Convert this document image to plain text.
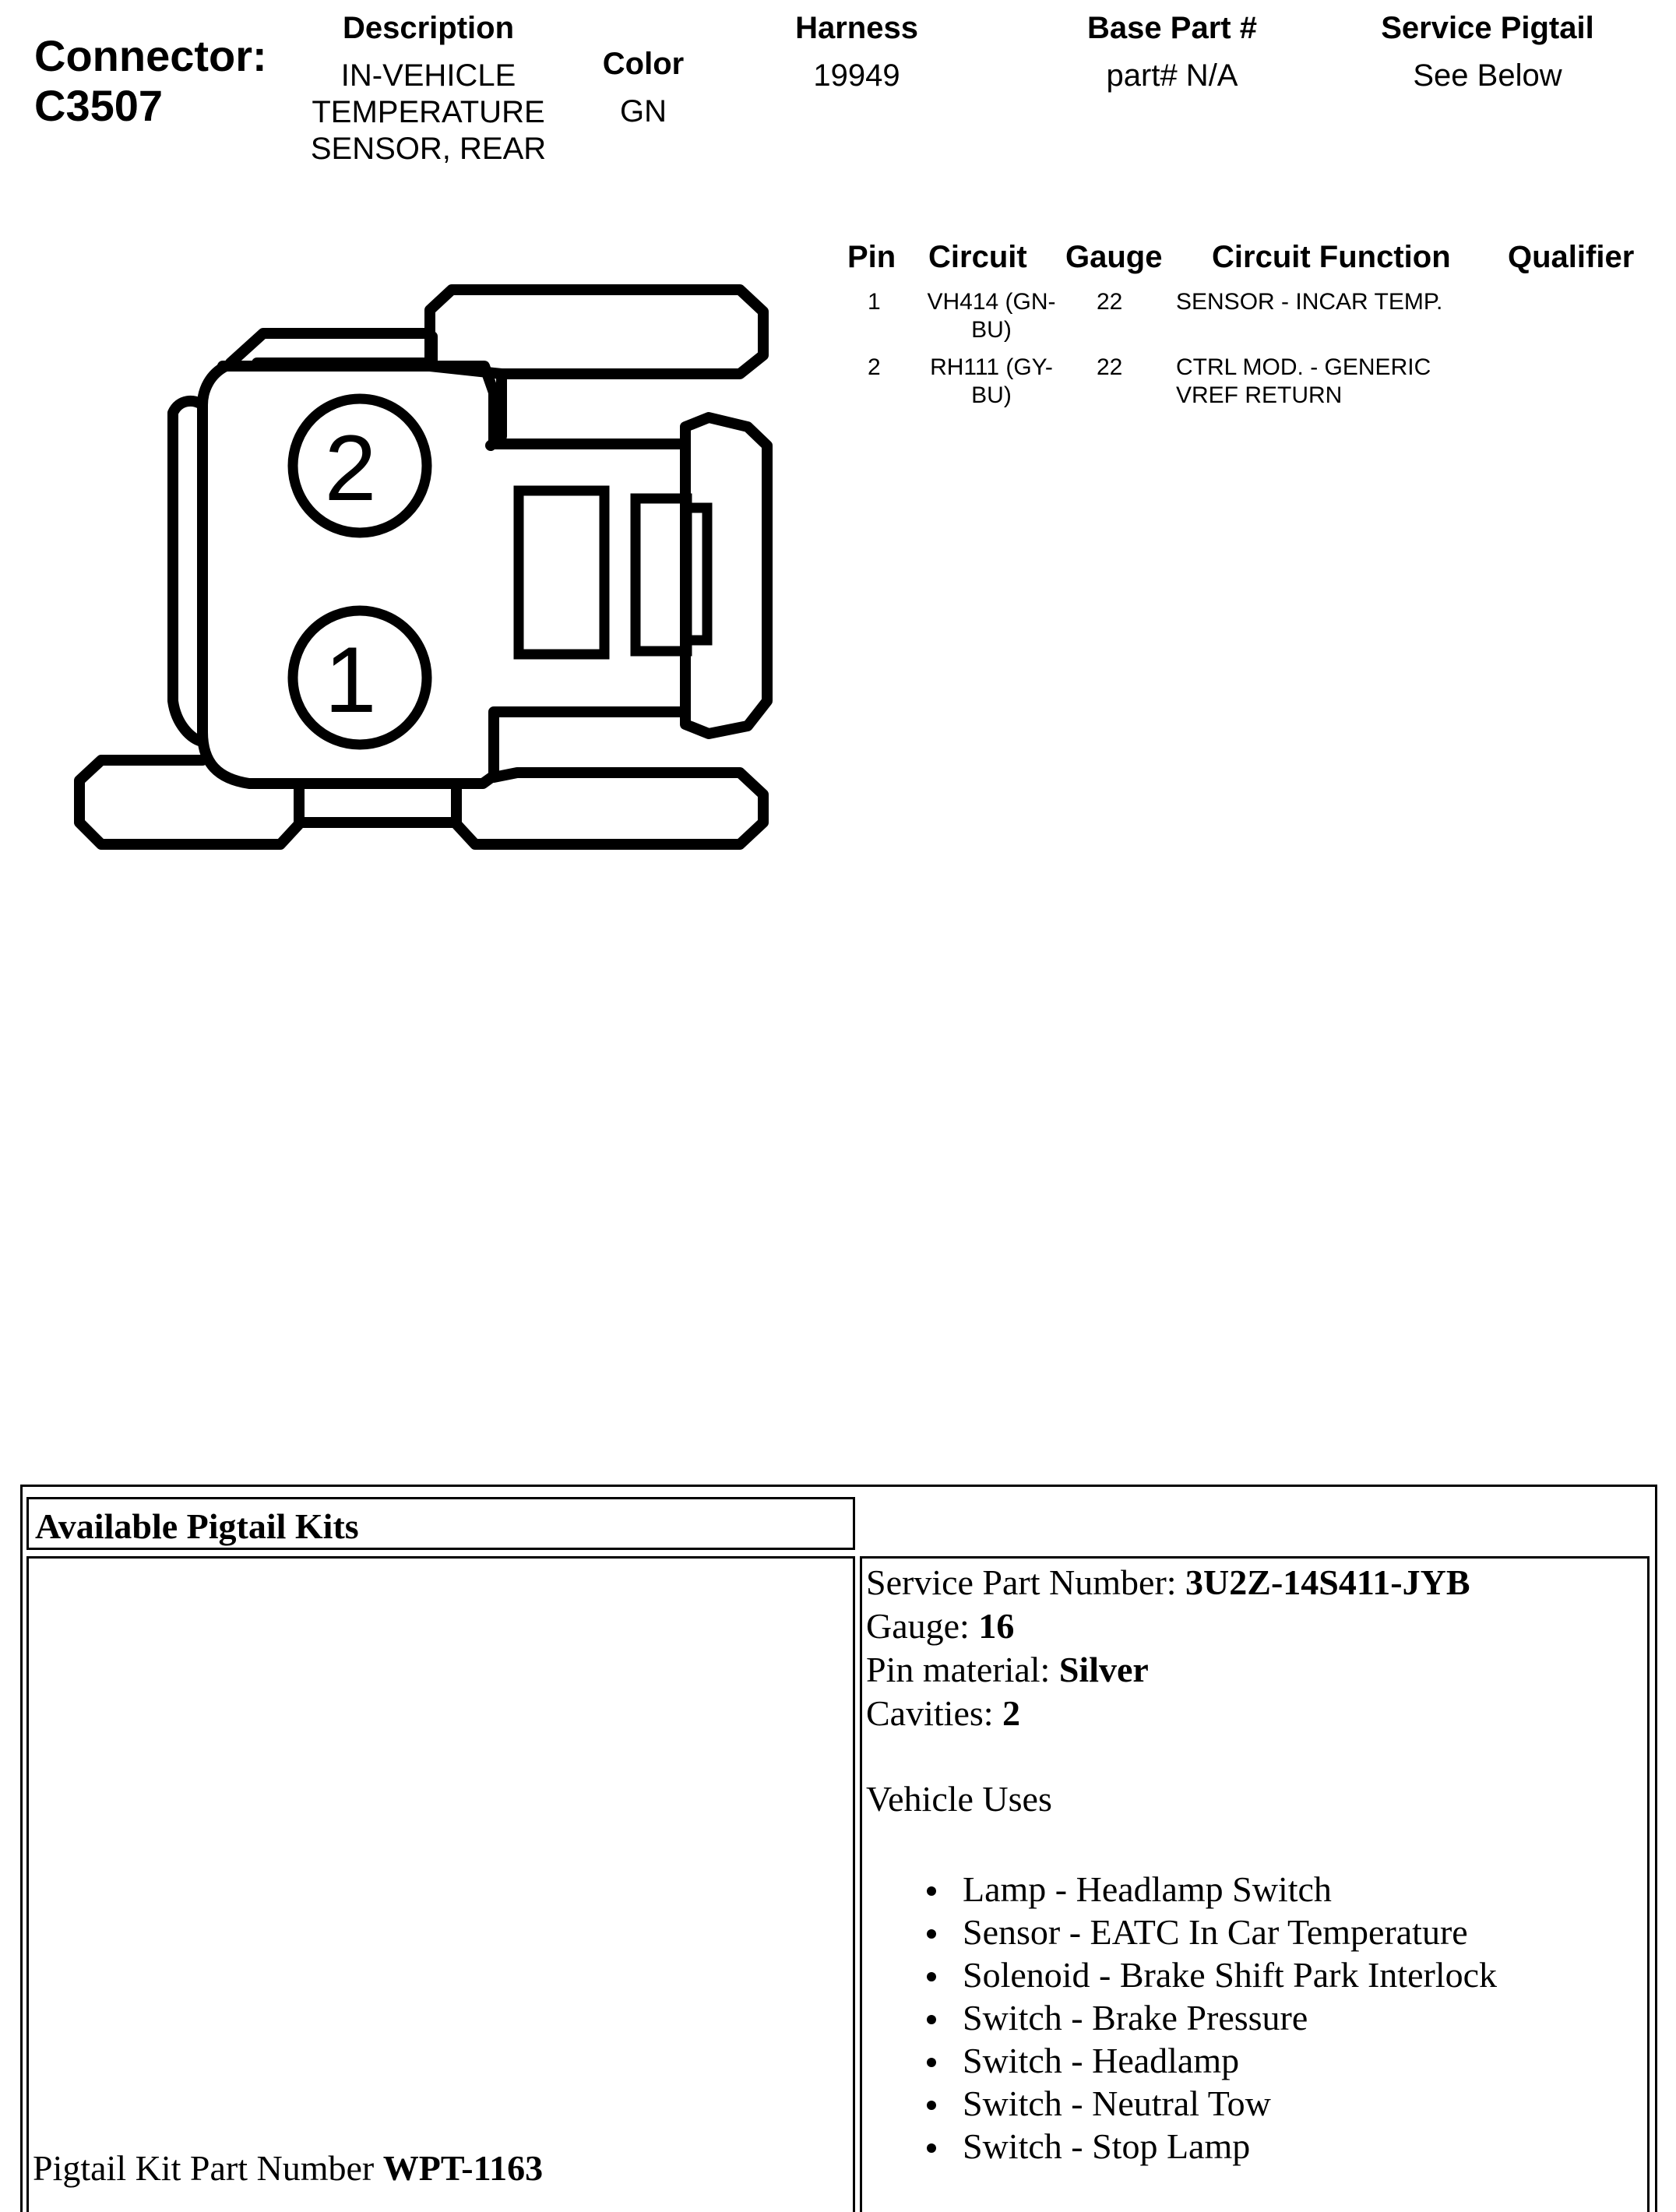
Connector:
C3507
Description
IN-VEHICLE
TEMPERATURE
SENSOR, REAR
Color
GN
Harness
19949
Base Part #
part# N/A
Service Pigtail
See Below
Pin Circuit Gauge Circuit Function Qualifier
1	VH414 (GN-
BU)
22 SENSOR - INCAR TEMP.
2	RH111 (GY-
BU)
22 CTRL MOD. - GENERIC
VREF RETURN
2
1
Available Pigtail Kits
Service Part Number: 3U2Z-14S411-JYB
Gauge: 16
Pin material: Silver
Cavities: 2
Vehicle Uses
Lamp - Headlamp Switch
Sensor - EATC In Car Temperature
Solenoid - Brake Shift Park Interlock
Switch - Brake Pressure
Switch - Headlamp
Switch - Neutral Tow
Switch - Stop Lamp
Pigtail Kit Part Number WPT-1163
